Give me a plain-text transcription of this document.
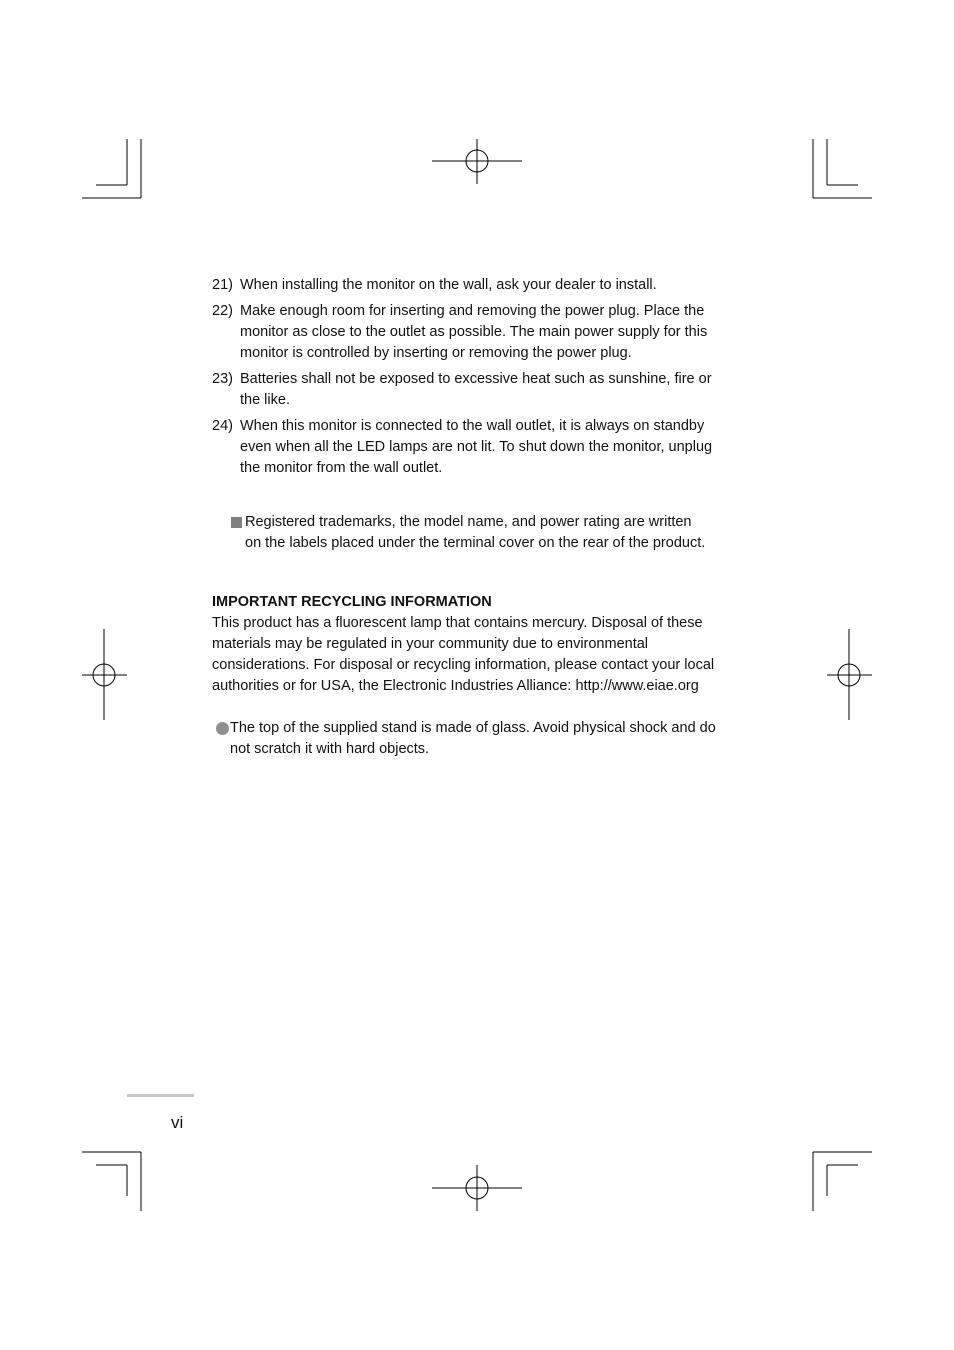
21) When installing the monitor on the wall, ask your dealer to install.
22) Make enough room for inserting and removing the power plug. Place the monitor as close to the outlet as possible. The main power supply for this monitor is controlled by inserting or removing the power plug.
23) Batteries shall not be exposed to excessive heat such as sunshine, fire or the like.
24) When this monitor is connected to the wall outlet, it is always on standby even when all the LED lamps are not lit. To shut down the monitor, unplug the monitor from the wall outlet.
Registered trademarks, the model name, and power rating are written
on the labels placed under the terminal cover on the rear of the product.
IMPORTANT RECYCLING INFORMATION

This product has a fluorescent lamp that contains mercury. Disposal of these materials may be regulated in your community due to environmental considerations. For disposal or recycling information, please contact your local authorities or for USA, the Electronic Industries Alliance: http://www.eiae.org

The top of the supplied stand is made of glass. Avoid physical shock and do not scratch it with hard objects.
vi
